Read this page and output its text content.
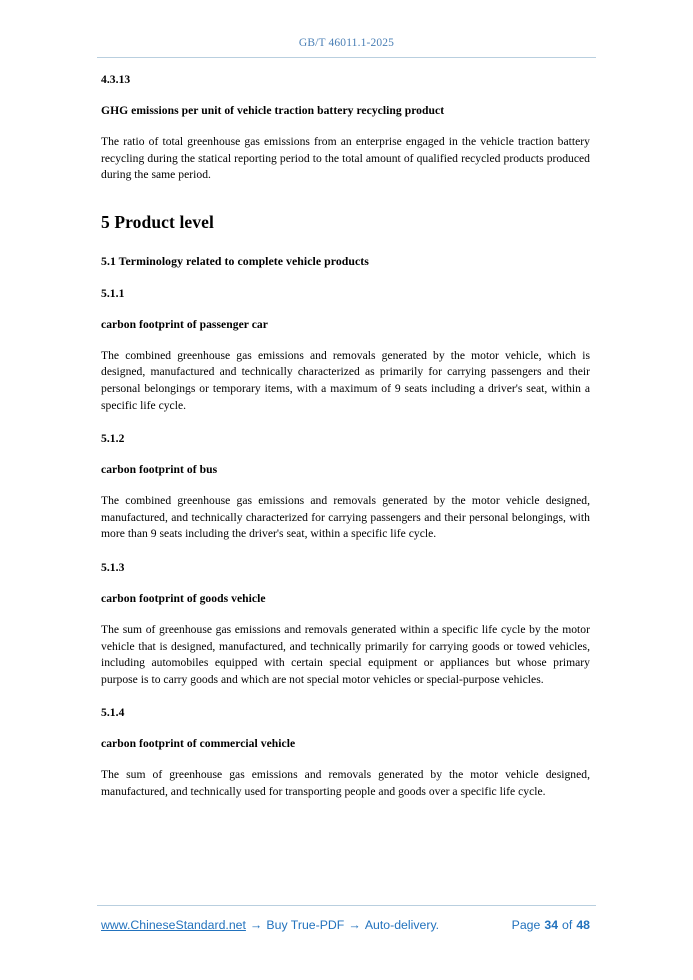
GB/T 46011.1-2025
4.3.13
GHG emissions per unit of vehicle traction battery recycling product
The ratio of total greenhouse gas emissions from an enterprise engaged in the vehicle traction battery recycling during the statical reporting period to the total amount of qualified recycled products produced during the same period.
5 Product level
5.1 Terminology related to complete vehicle products
5.1.1
carbon footprint of passenger car
The combined greenhouse gas emissions and removals generated by the motor vehicle, which is designed, manufactured and technically characterized as primarily for carrying passengers and their personal belongings or temporary items, with a maximum of 9 seats including a driver's seat, within a specific life cycle.
5.1.2
carbon footprint of bus
The combined greenhouse gas emissions and removals generated by the motor vehicle designed, manufactured, and technically characterized for carrying passengers and their personal belongings, with more than 9 seats including the driver's seat, within a specific life cycle.
5.1.3
carbon footprint of goods vehicle
The sum of greenhouse gas emissions and removals generated within a specific life cycle by the motor vehicle that is designed, manufactured, and technically primarily for carrying goods or towed vehicles, including automobiles equipped with certain special equipment or appliances but whose primary purpose is to carry goods and which are not special motor vehicles or special-purpose vehicles.
5.1.4
carbon footprint of commercial vehicle
The sum of greenhouse gas emissions and removals generated by the motor vehicle designed, manufactured, and technically used for transporting people and goods over a specific life cycle.
www.ChineseStandard.net → Buy True-PDF → Auto-delivery.	Page 34 of 48
